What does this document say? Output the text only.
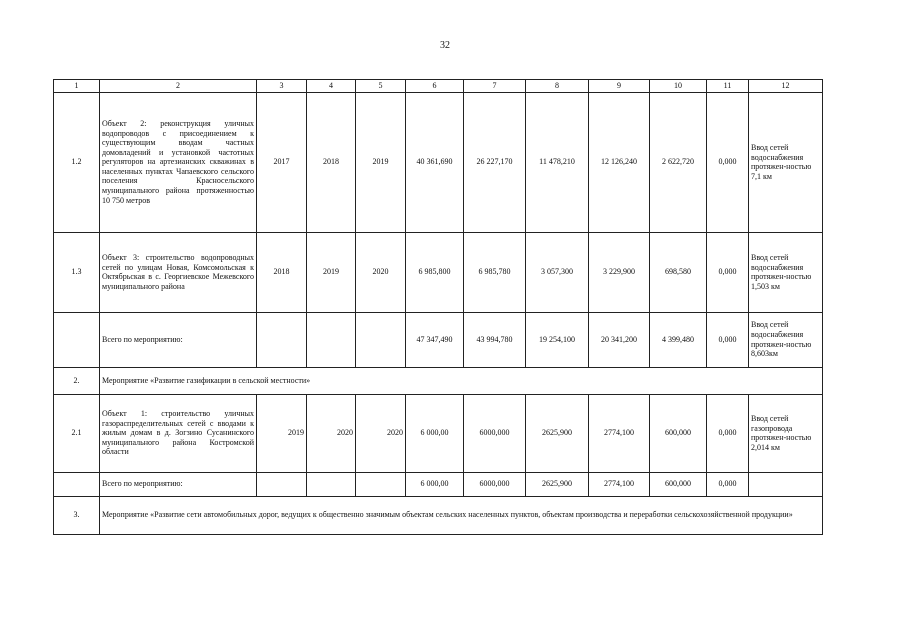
32
1	2	3	4	5	6	7	8	9	10	11	12
1.2	Объект 2: реконструкция уличных водопроводов с присоединением к существующим вводам частных домовладений и установкой частотных регуляторов на артезианских скважинах в населенных пунктах Чапаевского сельского поселения Красносельского муниципального района протяженностью 10 750 метров	2017	2018	2019	40 361,690	26 227,170	11 478,210	12 126,240	2 622,720	0,000	Ввод сетей водоснабжения протяжен-ностью 7,1 км
1.3	Объект 3: строительство водопроводных сетей по улицам Новая, Комсомольская к Октябрьская в с. Георгиевское Межевского муниципального района	2018	2019	2020	6 985,800	6 985,780	3 057,300	3 229,900	698,580	0,000	Ввод сетей водоснабжения протяжен-ностью 1,503 км
	Всего по мероприятию:				47 347,490	43 994,780	19 254,100	20 341,200	4 399,480	0,000	Ввод сетей водоснабжения протяжен-ностью 8,603км
2.	Мероприятие «Развитие газификации в сельской местности»										
2.1	Объект 1: строительство уличных газораспределительных сетей с вводами к жилым домам в д. Зогзино Сусанинского муниципального района Костромской области	2019	2020	2020	6 000,00	6000,000	2625,900	2774,100	600,000	0,000	Ввод сетей газопровода протяжен-ностью 2,014 км
	Всего по мероприятию:				6 000,00	6000,000	2625,900	2774,100	600,000	0,000	
3.	Мероприятие «Развитие сети автомобильных дорог, ведущих к общественно значимым объектам сельских населенных пунктов, объектам производства и переработки сельскохозяйственной продукции»										
